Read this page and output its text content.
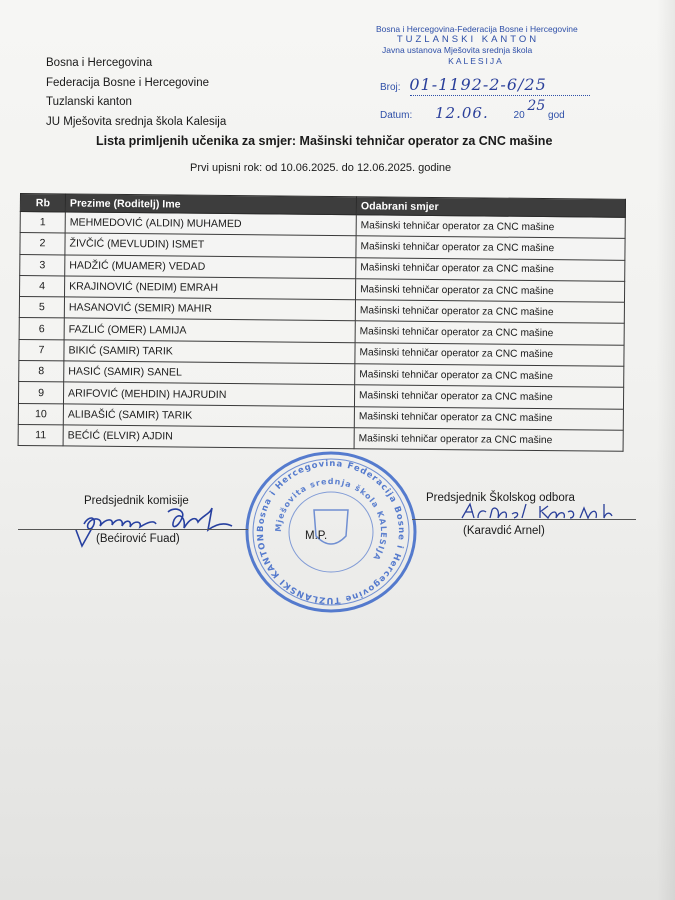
Bosna i Hercegovina
Federacija Bosne i Hercegovine
Tuzlanski kanton
JU Mješovita srednja škola Kalesija
Bosna i Hercegovina-Federacija Bosne i Hercegovine
TUZLANSKI KANTON
Javna ustanova Mješovita srednja škola
KALESIJA
Broj: 01-1192-2-6/25
Datum: 12.06. 20 25 god
Lista primljenih učenika za smjer: Mašinski tehničar operator za CNC mašine
Prvi upisni rok: od 10.06.2025. do 12.06.2025. godine
Rb	Prezime (Roditelj) Ime	Odabrani smjer
1	MEHMEDOVIĆ (ALDIN) MUHAMED	Mašinski tehničar operator za CNC mašine
2	ŽIVČIĆ (MEVLUDIN) ISMET	Mašinski tehničar operator za CNC mašine
3	HADŽIĆ (MUAMER) VEDAD	Mašinski tehničar operator za CNC mašine
4	KRAJINOVIĆ (NEDIM) EMRAH	Mašinski tehničar operator za CNC mašine
5	HASANOVIĆ (SEMIR) MAHIR	Mašinski tehničar operator za CNC mašine
6	FAZLIĆ (OMER) LAMIJA	Mašinski tehničar operator za CNC mašine
7	BIKIĆ (SAMIR) TARIK	Mašinski tehničar operator za CNC mašine
8	HASIĆ (SAMIR) SANEL	Mašinski tehničar operator za CNC mašine
9	ARIFOVIĆ (MEHDIN) HAJRUDIN	Mašinski tehničar operator za CNC mašine
10	ALIBAŠIĆ (SAMIR) TARIK	Mašinski tehničar operator za CNC mašine
11	BEĆIĆ (ELVIR) AJDIN	Mašinski tehničar operator za CNC mašine
Bosna i Hercegovina Federacija Bosne i Hercegovine TUZLANSKI KANTON
Mješovita srednja škola KALESIJA
M.P.
Predsjednik komisije
(Bećirović Fuad)
Predsjednik Školskog odbora
(Karavdić Arnel)
